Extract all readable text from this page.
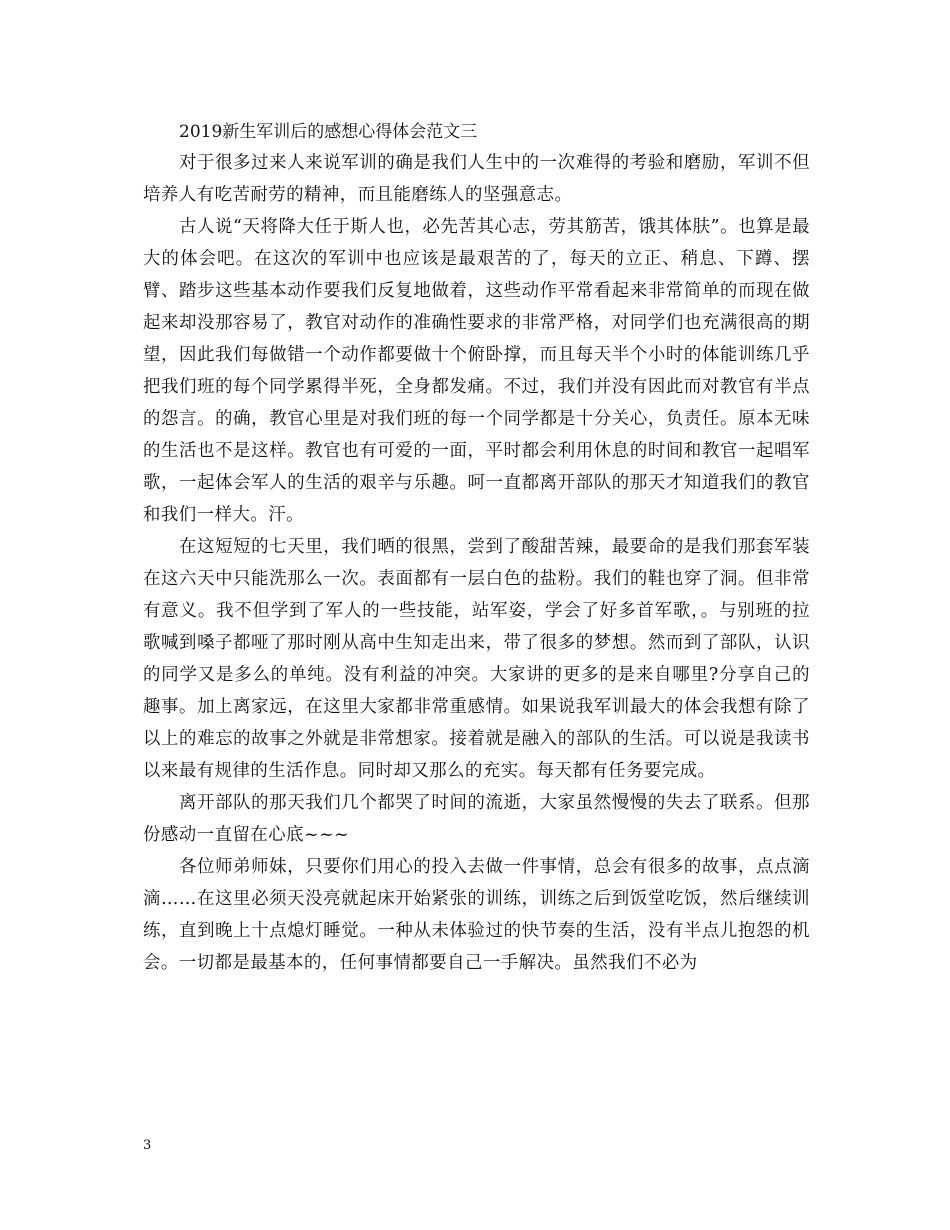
2019新生军训后的感想心得体会范文三

对于很多过来人来说军训的确是我们人生中的一次难得的考验和磨励，军训不但培养人有吃苦耐劳的精神，而且能磨练人的坚强意志。

古人说“天将降大任于斯人也，必先苦其心志，劳其筋苦，饿其体肤”。也算是最大的体会吧。在这次的军训中也应该是最艰苦的了，每天的立正、稍息、下蹲、摆臂、踏步这些基本动作要我们反复地做着，这些动作平常看起来非常简单的而现在做起来却没那容易了，教官对动作的准确性要求的非常严格，对同学们也充满很高的期望，因此我们每做错一个动作都要做十个俯卧撑，而且每天半个小时的体能训练几乎把我们班的每个同学累得半死，全身都发痛。不过，我们并没有因此而对教官有半点的怨言。的确，教官心里是对我们班的每一个同学都是十分关心，负责任。原本无味的生活也不是这样。教官也有可爱的一面，平时都会利用休息的时间和教官一起唱军歌，一起体会军人的生活的艰辛与乐趣。呵一直都离开部队的那天才知道我们的教官和我们一样大。汗。

在这短短的七天里，我们晒的很黑，尝到了酸甜苦辣，最要命的是我们那套军装在这六天中只能洗那么一次。表面都有一层白色的盐粉。我们的鞋也穿了洞。但非常有意义。我不但学到了军人的一些技能，站军姿，学会了好多首军歌，。与别班的拉歌喊到嗓子都哑了那时刚从高中生知走出来，带了很多的梦想。然而到了部队，认识的同学又是多么的单纯。没有利益的冲突。大家讲的更多的是来自哪里?分享自己的趣事。加上离家远，在这里大家都非常重感情。如果说我军训最大的体会我想有除了以上的难忘的故事之外就是非常想家。接着就是融入的部队的生活。可以说是我读书以来最有规律的生活作息。同时却又那么的充实。每天都有任务要完成。

离开部队的那天我们几个都哭了时间的流逝，大家虽然慢慢的失去了联系。但那份感动一直留在心底~~~

各位师弟师妹，只要你们用心的投入去做一件事情，总会有很多的故事，点点滴滴……在这里必须天没亮就起床开始紧张的训练，训练之后到饭堂吃饭，然后继续训练，直到晚上十点熄灯睡觉。一种从未体验过的快节奏的生活，没有半点儿抱怨的机会。一切都是最基本的，任何事情都要自己一手解决。虽然我们不必为

3
